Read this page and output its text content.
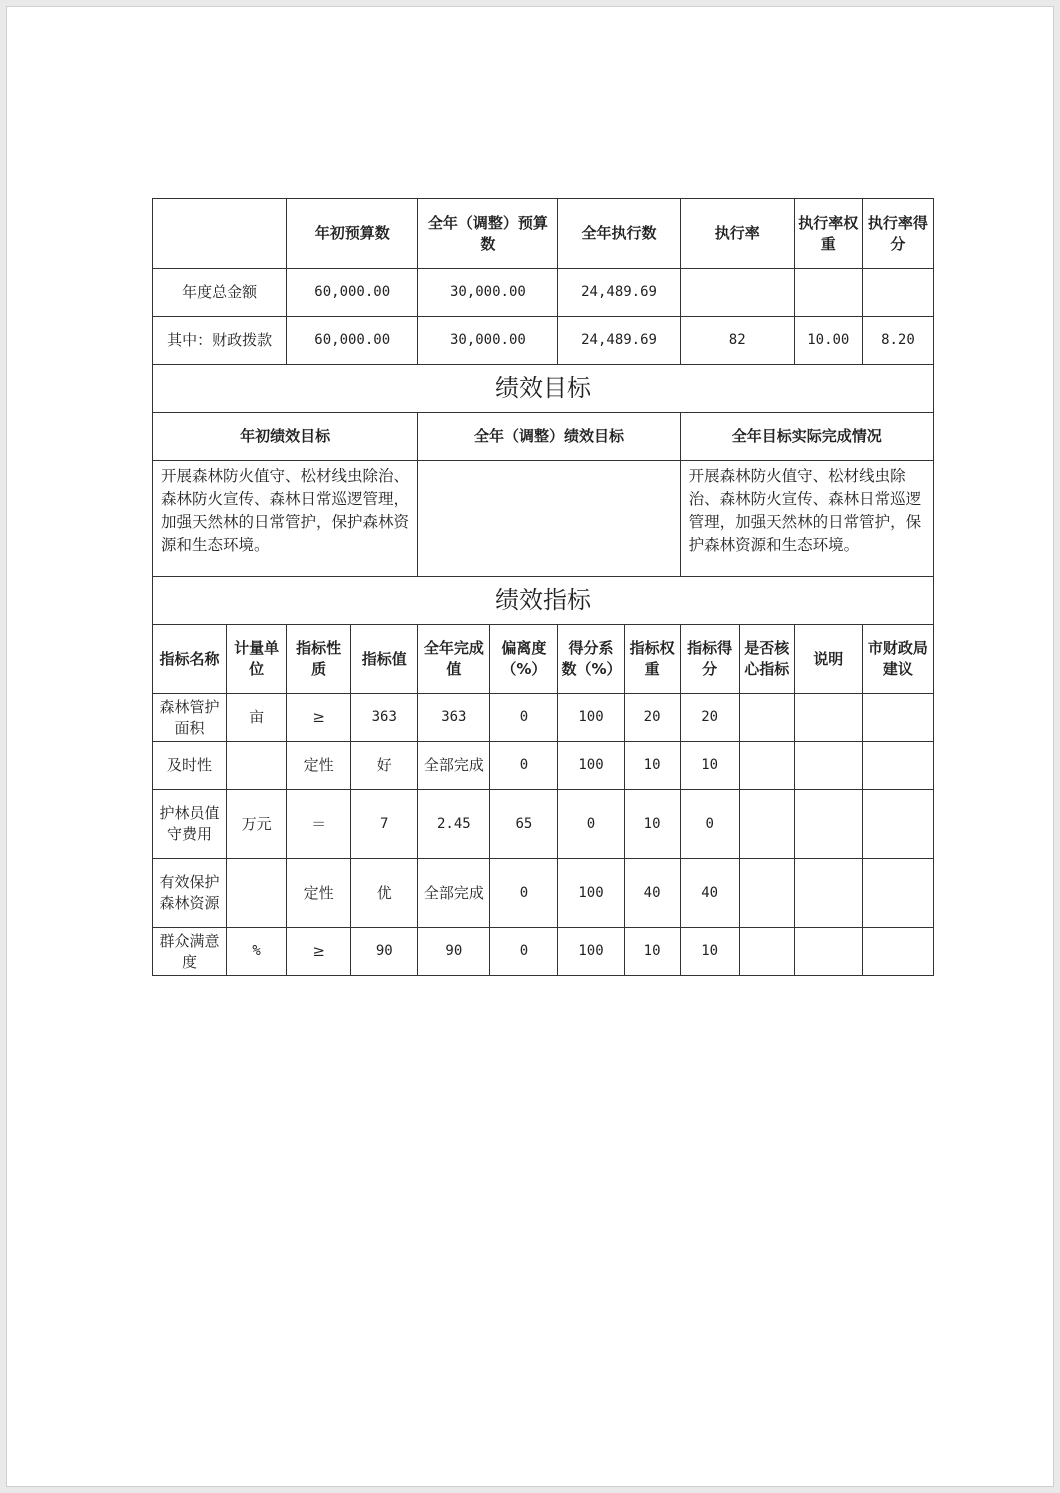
		年初预算数		全年（调整）预算数		全年执行数		执行率		执行率权重	执行率得分
年度总金额		60,000.00		30,000.00		24,489.69					
其中：财政拨款		60,000.00		30,000.00		24,489.69		82		10.00	8.20
绩效目标											
年初绩效目标				全年（调整）绩效目标				全年目标实际完成情况			
开展森林防火值守、松材线虫除治、森林防火宣传、森林日常巡逻管理，加强天然林的日常管护，保护森林资源和生态环境。								开展森林防火值守、松材线虫除治、森林防火宣传、森林日常巡逻管理，加强天然林的日常管护，保护森林资源和生态环境。			
绩效指标											
指标名称	计量单位	指标性质	指标值	全年完成值	偏离度（%）	得分系数（%）	指标权重	指标得分	是否核心指标	说明	市财政局建议
森林管护面积	亩	≥	363	363	0	100	20	20			
及时性		定性	好	全部完成	0	100	10	10			
护林员值守费用	万元	＝	7	2.45	65	0	10	0			
有效保护森林资源		定性	优	全部完成	0	100	40	40			
群众满意度	%	≥	90	90	0	100	10	10			
